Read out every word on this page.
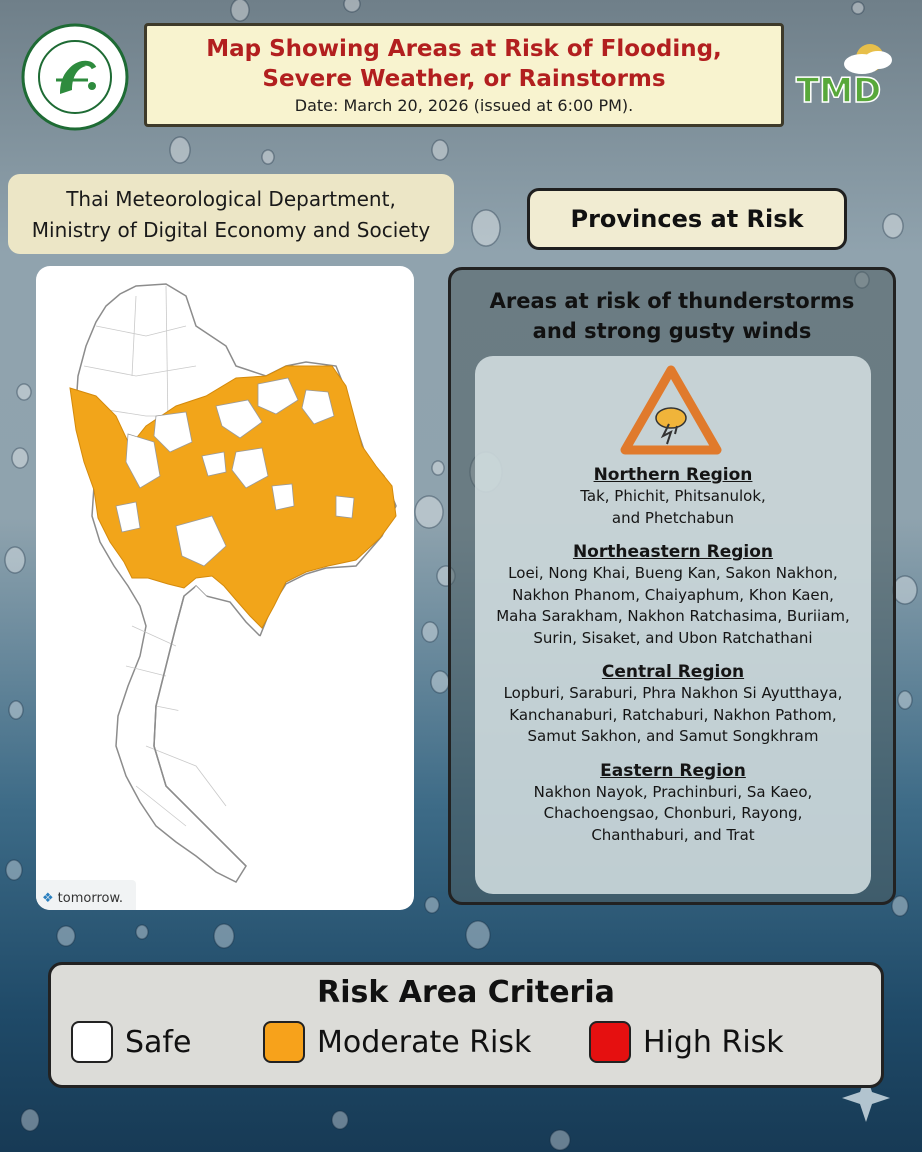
Map Showing Areas at Risk of Flooding,
Severe Weather, or Rainstorms
Date: March 20, 2026 (issued at 6:00 PM).	TMD
Thai Meteorological Department,
Ministry of Digital Economy and Society	Provinces at Risk
❖ tomorrow.
Areas at risk of thunderstorms
and strong gusty winds
Northern Region
Tak, Phichit, Phitsanulok,
and Phetchabun
Northeastern Region
Loei, Nong Khai, Bueng Kan, Sakon Nakhon,
Nakhon Phanom, Chaiyaphum, Khon Kaen,
Maha Sarakham, Nakhon Ratchasima, Buriiam,
Surin, Sisaket, and Ubon Ratchathani
Central Region
Lopburi, Saraburi, Phra Nakhon Si Ayutthaya,
Kanchanaburi, Ratchaburi, Nakhon Pathom,
Samut Sakhon, and Samut Songkhram
Eastern Region
Nakhon Nayok, Prachinburi, Sa Kaeo,
Chachoengsao, Chonburi, Rayong,
Chanthaburi, and Trat
Risk Area Criteria
Safe	Moderate Risk	High Risk
